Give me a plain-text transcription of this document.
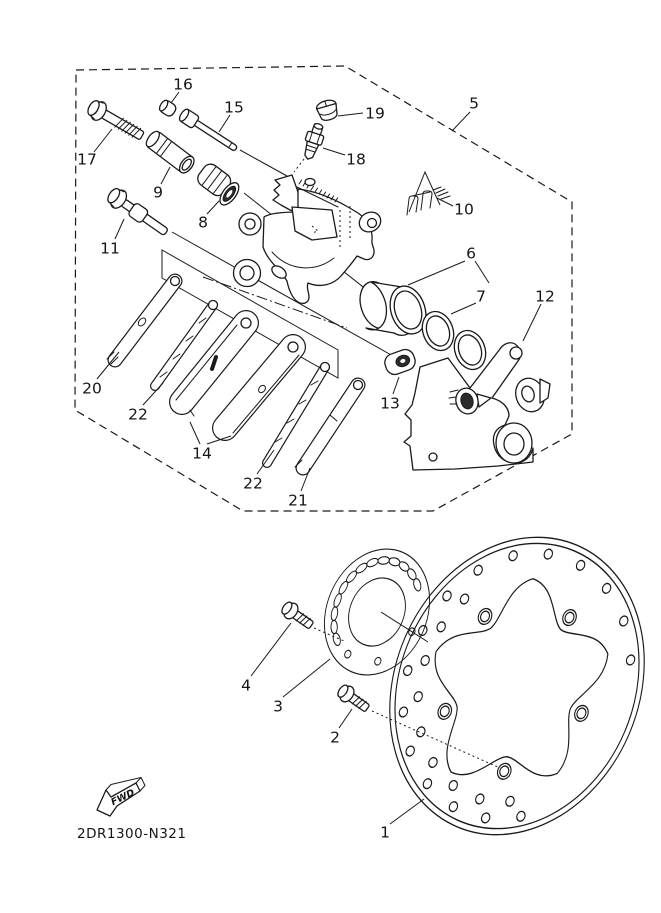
FWD
2DR1300-N321	1
2
3
4
5
6
7
8
9
10
11
12
13
14
15
16
17	18
19
20
21
22
22
